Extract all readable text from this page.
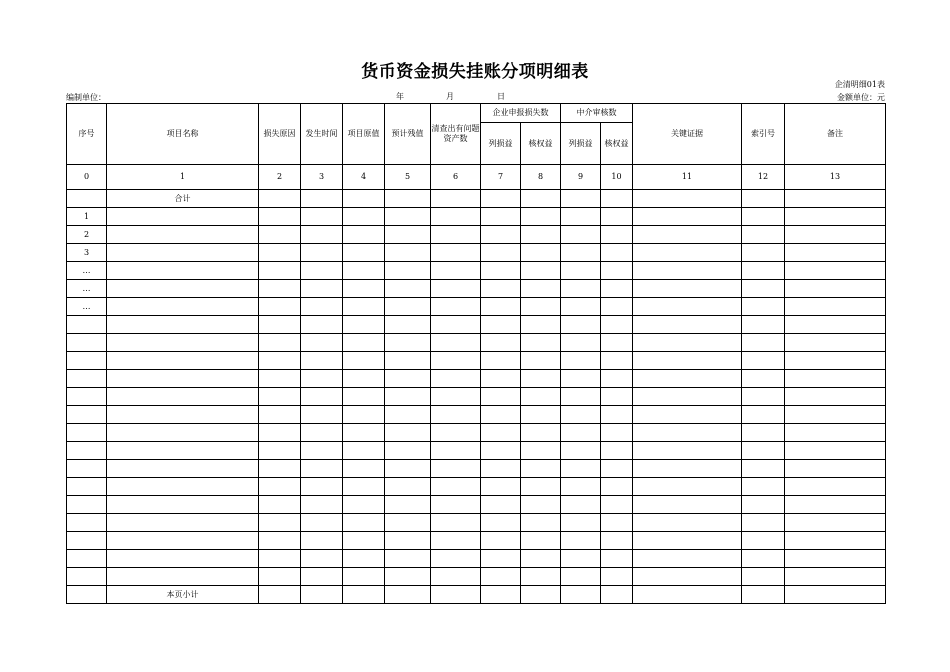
货币资金损失挂账分项明细表
企清明细01表
金额单位：元
编制单位：	年	月	日
序号	项目名称	损失原因	发生时间	项目原值	预计残值	清查出有问题资产数	企业申报损失数		中介审核数		关键证据	索引号	备注
							列损益	核权益	列损益	核权益			
0	1	2	3	4	5	6	7	8	9	10	11	12	13
	合计												
1													
2													
3													
…													
…													
…													

	本页小计												
